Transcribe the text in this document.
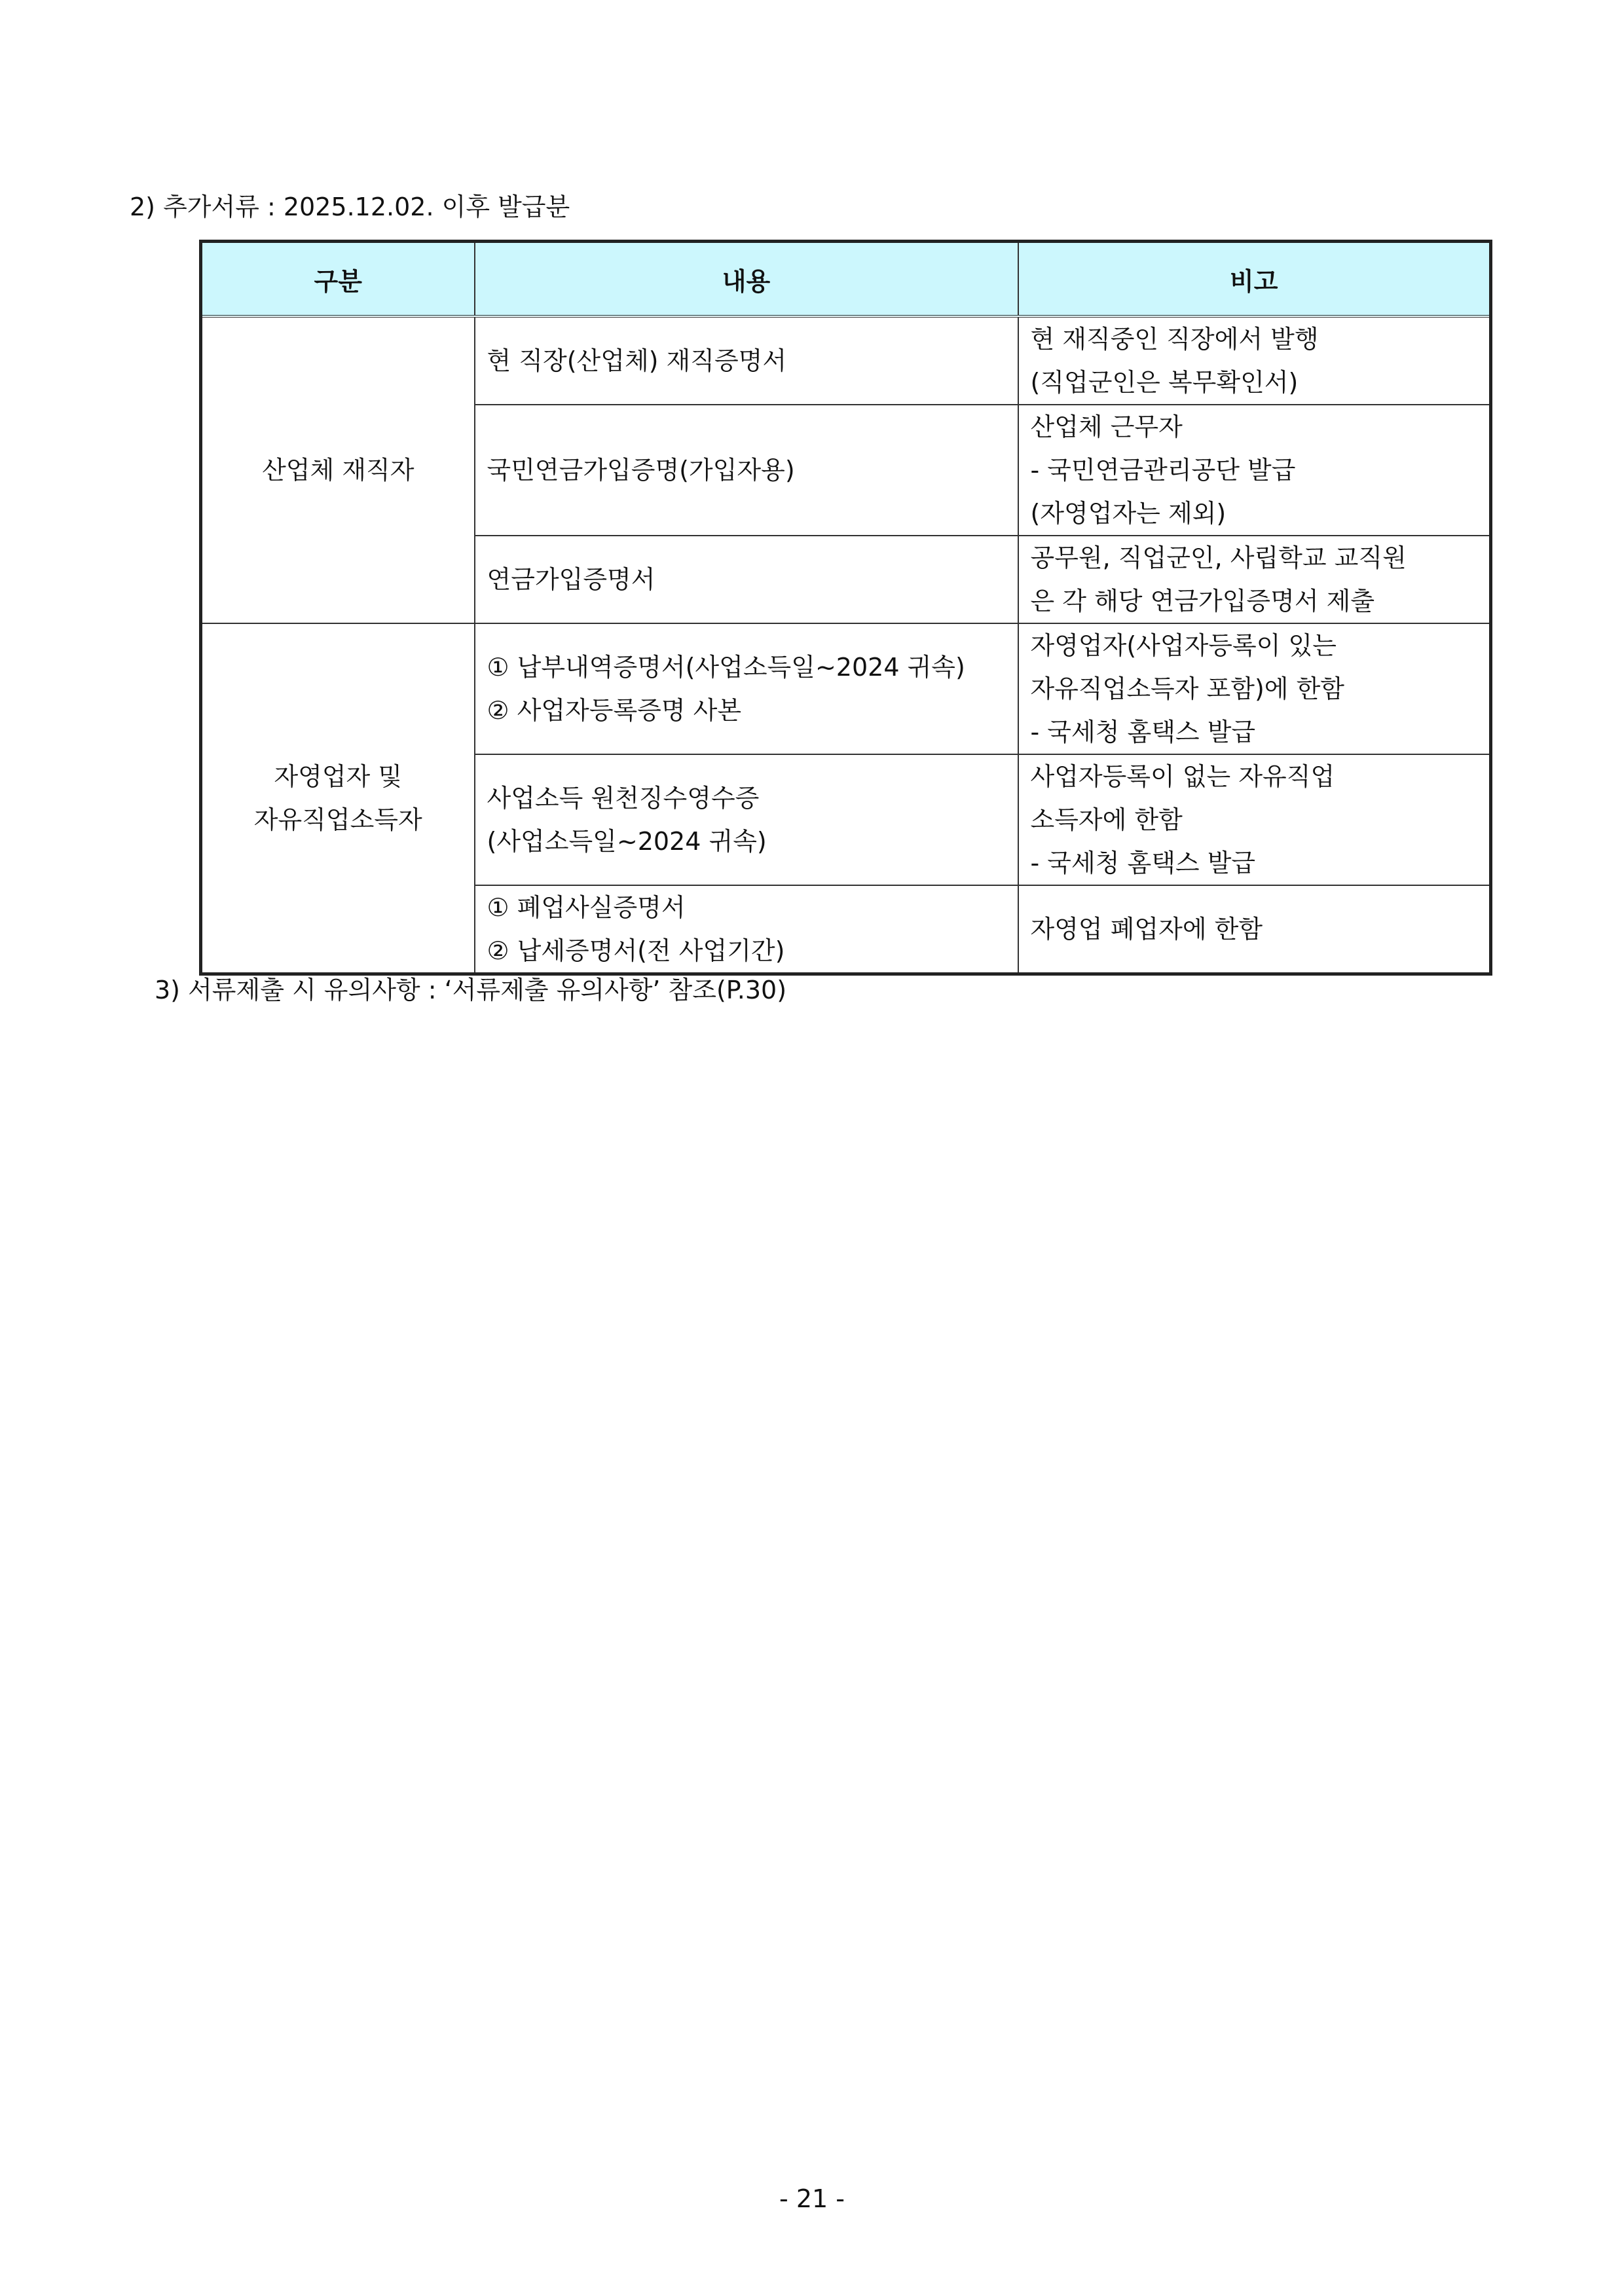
2) 추가서류 : 2025.12.02. 이후 발급분
구분	내용	비고

산업체 재직자	현 직장(산업체) 재직증명서	현 재직중인 직장에서 발행
(직업군인은 복무확인서)

	국민연금가입증명(가입자용)	산업체 근무자
- 국민연금관리공단 발급
(자영업자는 제외)

	연금가입증명서	공무원, 직업군인, 사립학교 교직원
은 각 해당 연금가입증명서 제출

자영업자 및
자유직업소득자	① 납부내역증명서(사업소득일~2024 귀속)
② 사업자등록증명 사본	자영업자(사업자등록이 있는
자유직업소득자 포함)에 한함
- 국세청 홈택스 발급

	사업소득 원천징수영수증
(사업소득일~2024 귀속)	사업자등록이 없는 자유직업
소득자에 한함
- 국세청 홈택스 발급

	① 폐업사실증명서
② 납세증명서(전 사업기간)	자영업 폐업자에 한함
3) 서류제출 시 유의사항 : ‘서류제출 유의사항’ 참조(P.30)
- 21 -
